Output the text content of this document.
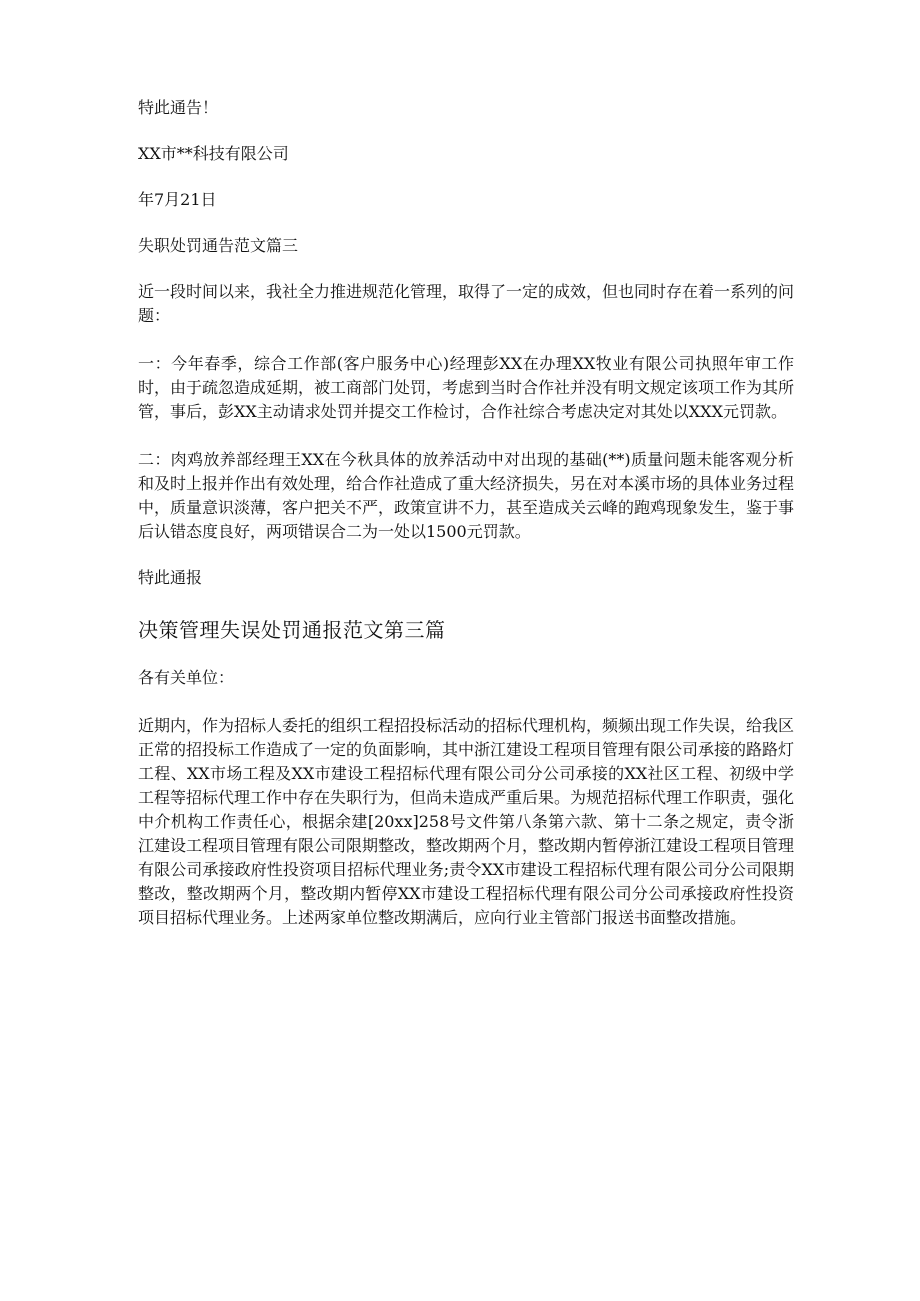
特此通告！

XX市**科技有限公司

年7月21日

失职处罚通告范文篇三

近一段时间以来，我社全力推进规范化管理，取得了一定的成效，但也同时存在着一系列的问题：

一：今年春季，综合工作部(客户服务中心)经理彭XX在办理XX牧业有限公司执照年审工作时，由于疏忽造成延期，被工商部门处罚，考虑到当时合作社并没有明文规定该项工作为其所管，事后，彭XX主动请求处罚并提交工作检讨，合作社综合考虑决定对其处以XXX元罚款。

二：肉鸡放养部经理王XX在今秋具体的放养活动中对出现的基础(**)质量问题未能客观分析和及时上报并作出有效处理，给合作社造成了重大经济损失，另在对本溪市场的具体业务过程中，质量意识淡薄，客户把关不严，政策宣讲不力，甚至造成关云峰的跑鸡现象发生，鉴于事后认错态度良好，两项错误合二为一处以1500元罚款。

特此通报

决策管理失误处罚通报范文第三篇

各有关单位：

近期内，作为招标人委托的组织工程招投标活动的招标代理机构，频频出现工作失误，给我区正常的招投标工作造成了一定的负面影响，其中浙江建设工程项目管理有限公司承接的路路灯工程、XX市场工程及XX市建设工程招标代理有限公司分公司承接的XX社区工程、初级中学工程等招标代理工作中存在失职行为，但尚未造成严重后果。为规范招标代理工作职责，强化中介机构工作责任心，根据余建[20xx]258号文件第八条第六款、第十二条之规定，责令浙江建设工程项目管理有限公司限期整改，整改期两个月，整改期内暂停浙江建设工程项目管理有限公司承接政府性投资项目招标代理业务;责令XX市建设工程招标代理有限公司分公司限期整改，整改期两个月，整改期内暂停XX市建设工程招标代理有限公司分公司承接政府性投资项目招标代理业务。上述两家单位整改期满后，应向行业主管部门报送书面整改措施。
